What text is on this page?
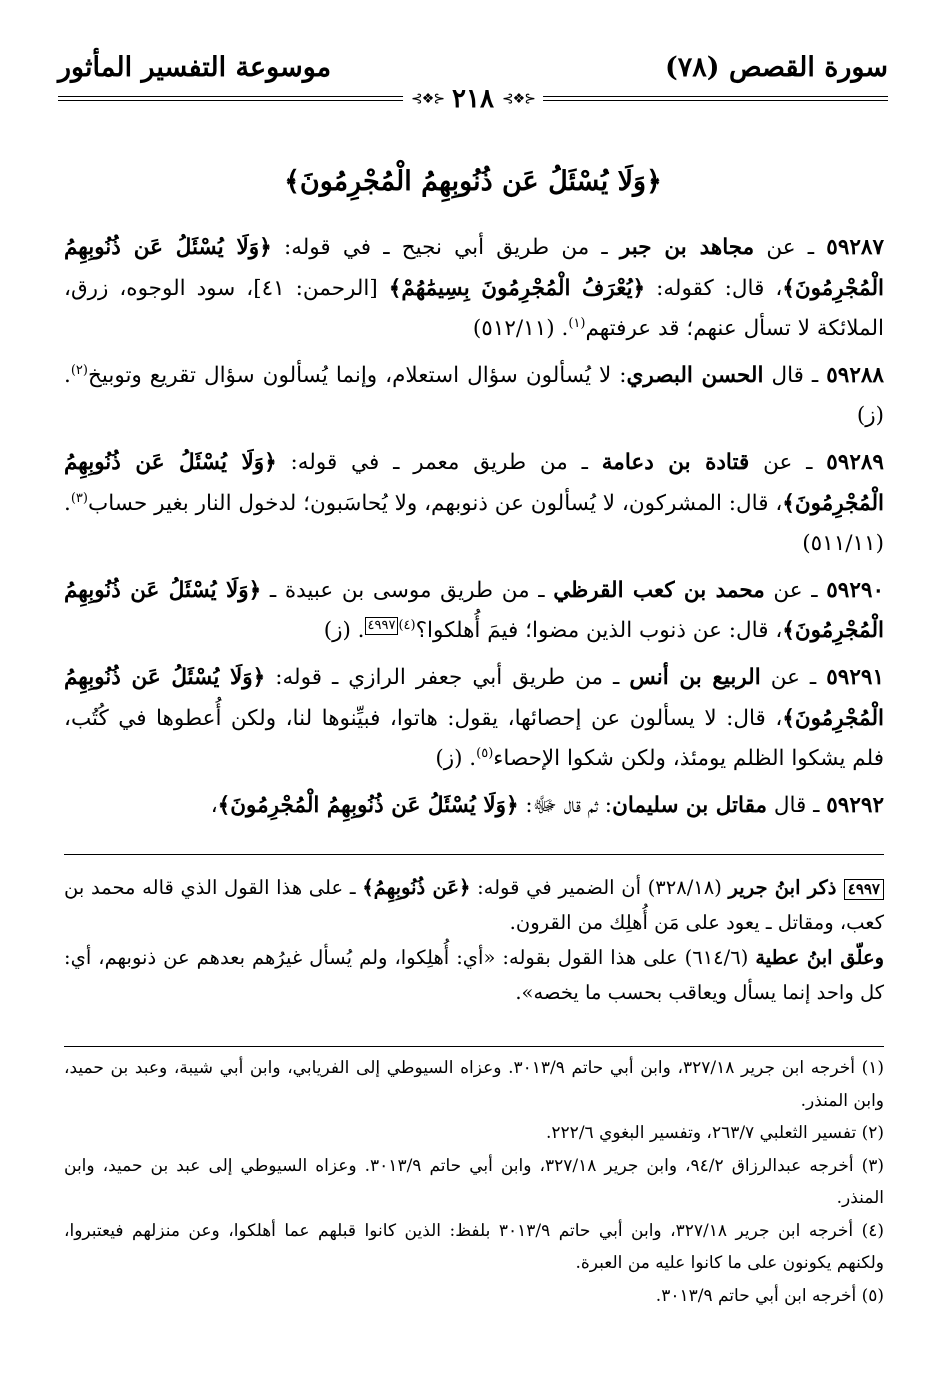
سورة القصص (٧٨)
موسوعة التفسير المأثور
⊰❖⊱ ٢١٨ ⊰❖⊱
﴿وَلَا يُسْئَلُ عَن ذُنُوبِهِمُ الْمُجْرِمُونَ﴾

٥٩٢٨٧ ـ عن مجاهد بن جبر ـ من طريق أبي نجيح ـ في قوله: ﴿وَلَا يُسْئَلُ عَن ذُنُوبِهِمُ الْمُجْرِمُونَ﴾، قال: كقوله: ﴿يُعْرَفُ الْمُجْرِمُونَ بِسِيمَٰهُمْ﴾ [الرحمن: ٤١]، سود الوجوه، زرق، الملائكة لا تسأل عنهم؛ قد عرفتهم$^{(١)}$. (٥١٢/١١)

٥٩٢٨٨ ـ قال الحسن البصري: لا يُسألون سؤال استعلام، وإنما يُسألون سؤال تقريع وتوبيخ$^{(٢)}$. (ز)

٥٩٢٨٩ ـ عن قتادة بن دعامة ـ من طريق معمر ـ في قوله: ﴿وَلَا يُسْئَلُ عَن ذُنُوبِهِمُ الْمُجْرِمُونَ﴾، قال: المشركون، لا يُسألون عن ذنوبهم، ولا يُحاسَبون؛ لدخول النار بغير حساب$^{(٣)}$. (٥١١/١١)

٥٩٢٩٠ ـ عن محمد بن كعب القرظي ـ من طريق موسى بن عبيدة ـ ﴿وَلَا يُسْئَلُ عَن ذُنُوبِهِمُ الْمُجْرِمُونَ﴾، قال: عن ذنوب الذين مضوا؛ فيمَ أُهلكوا؟$^{(٤)}$٤٩٩٧. (ز)

٥٩٢٩١ ـ عن الربيع بن أنس ـ من طريق أبي جعفر الرازي ـ قوله: ﴿وَلَا يُسْئَلُ عَن ذُنُوبِهِمُ الْمُجْرِمُونَ﴾، قال: لا يسألون عن إحصائها، يقول: هاتوا، فبيِّنوها لنا، ولكن أُعطوها في كُتُب، فلم يشكوا الظلم يومئذ، ولكن شكوا الإحصاء$^{(٥)}$. (ز)

٥٩٢٩٢ ـ قال مقاتل بن سليمان: ثم قال ﷻ: ﴿وَلَا يُسْئَلُ عَن ذُنُوبِهِمُ الْمُجْرِمُونَ﴾،

٤٩٩٧ ذكر ابنُ جرير (٣٢٨/١٨) أن الضمير في قوله: ﴿عَن ذُنُوبِهِمُ﴾ ـ على هذا القول الذي قاله محمد بن كعب، ومقاتل ـ يعود على مَن أُهلِك من القرون.

وعلّق ابنُ عطية (٦١٤/٦) على هذا القول بقوله: «أي: أُهلِكوا، ولم يُسأل غيرُهم بعدهم عن ذنوبهم، أي: كل واحد إنما يسأل ويعاقب بحسب ما يخصه».

(١) أخرجه ابن جرير ٣٢٧/١٨، وابن أبي حاتم ٣٠١٣/٩. وعزاه السيوطي إلى الفريابي، وابن أبي شيبة، وعبد بن حميد، وابن المنذر.

(٢) تفسير الثعلبي ٢٦٣/٧، وتفسير البغوي ٢٢٢/٦.

(٣) أخرجه عبدالرزاق ٩٤/٢، وابن جرير ٣٢٧/١٨، وابن أبي حاتم ٣٠١٣/٩. وعزاه السيوطي إلى عبد بن حميد، وابن المنذر.

(٤) أخرجه ابن جرير ٣٢٧/١٨، وابن أبي حاتم ٣٠١٣/٩ بلفظ: الذين كانوا قبلهم عما أهلكوا، وعن منزلهم فيعتبروا، ولكنهم يكونون على ما كانوا عليه من العبرة.

(٥) أخرجه ابن أبي حاتم ٣٠١٣/٩.
